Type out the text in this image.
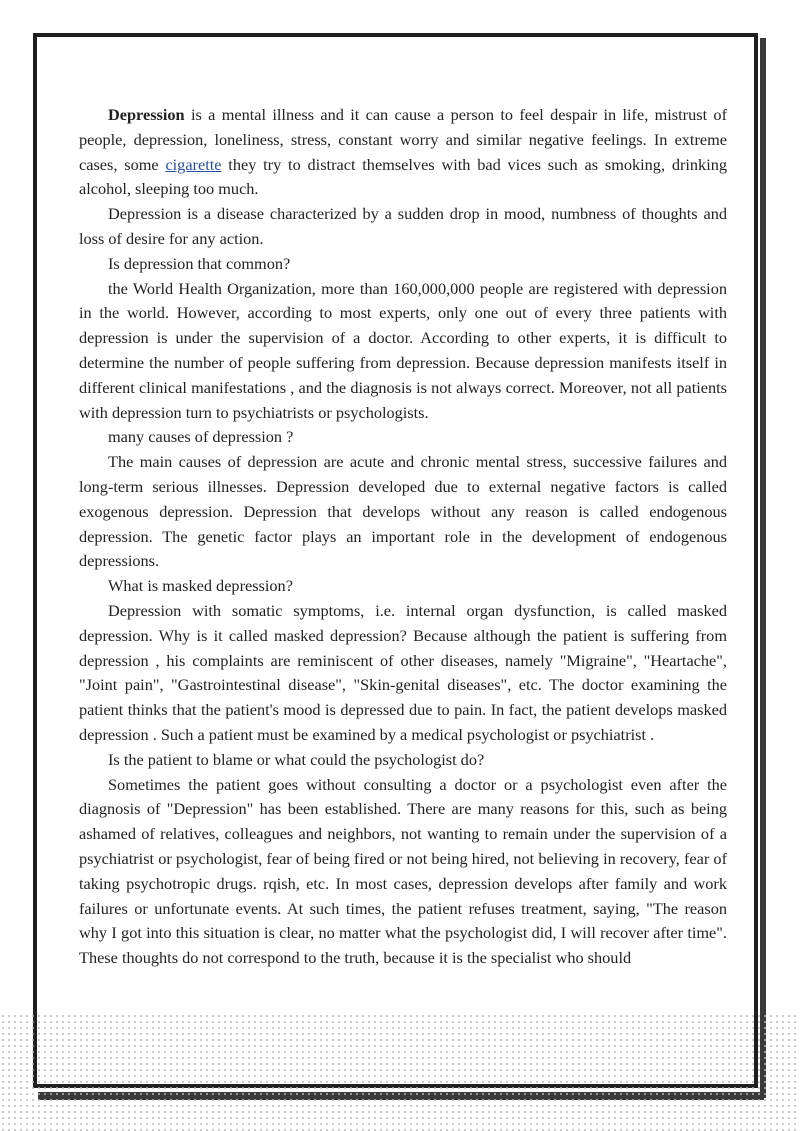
Depression is a mental illness and it can cause a person to feel despair in life, mistrust of people, depression, loneliness, stress, constant worry and similar negative feelings. In extreme cases, some cigarette they try to distract themselves with bad vices such as smoking, drinking alcohol, sleeping too much.

Depression is a disease characterized by a sudden drop in mood, numbness of thoughts and loss of desire for any action.

Is depression that common?

the World Health Organization, more than 160,000,000 people are registered with depression in the world. However, according to most experts, only one out of every three patients with depression is under the supervision of a doctor. According to other experts, it is difficult to determine the number of people suffering from depression. Because depression manifests itself in different clinical manifestations , and the diagnosis is not always correct. Moreover, not all patients with depression turn to psychiatrists or psychologists.

many causes of depression ?

The main causes of depression are acute and chronic mental stress, successive failures and long-term serious illnesses. Depression developed due to external negative factors is called exogenous depression. Depression that develops without any reason is called endogenous depression. The genetic factor plays an important role in the development of endogenous depressions.

What is masked depression?

Depression with somatic symptoms, i.e. internal organ dysfunction, is called masked depression. Why is it called masked depression? Because although the patient is suffering from depression , his complaints are reminiscent of other diseases, namely "Migraine", "Heartache", "Joint pain", "Gastrointestinal disease", "Skin-genital diseases", etc. The doctor examining the patient thinks that the patient's mood is depressed due to pain. In fact, the patient develops masked depression . Such a patient must be examined by a medical psychologist or psychiatrist .

Is the patient to blame or what could the psychologist do?

Sometimes the patient goes without consulting a doctor or a psychologist even after the diagnosis of "Depression" has been established. There are many reasons for this, such as being ashamed of relatives, colleagues and neighbors, not wanting to remain under the supervision of a psychiatrist or psychologist, fear of being fired or not being hired, not believing in recovery, fear of taking psychotropic drugs. rqish, etc. In most cases, depression develops after family and work failures or unfortunate events. At such times, the patient refuses treatment, saying, "The reason why I got into this situation is clear, no matter what the psychologist did, I will recover after time". These thoughts do not correspond to the truth, because it is the specialist who should
